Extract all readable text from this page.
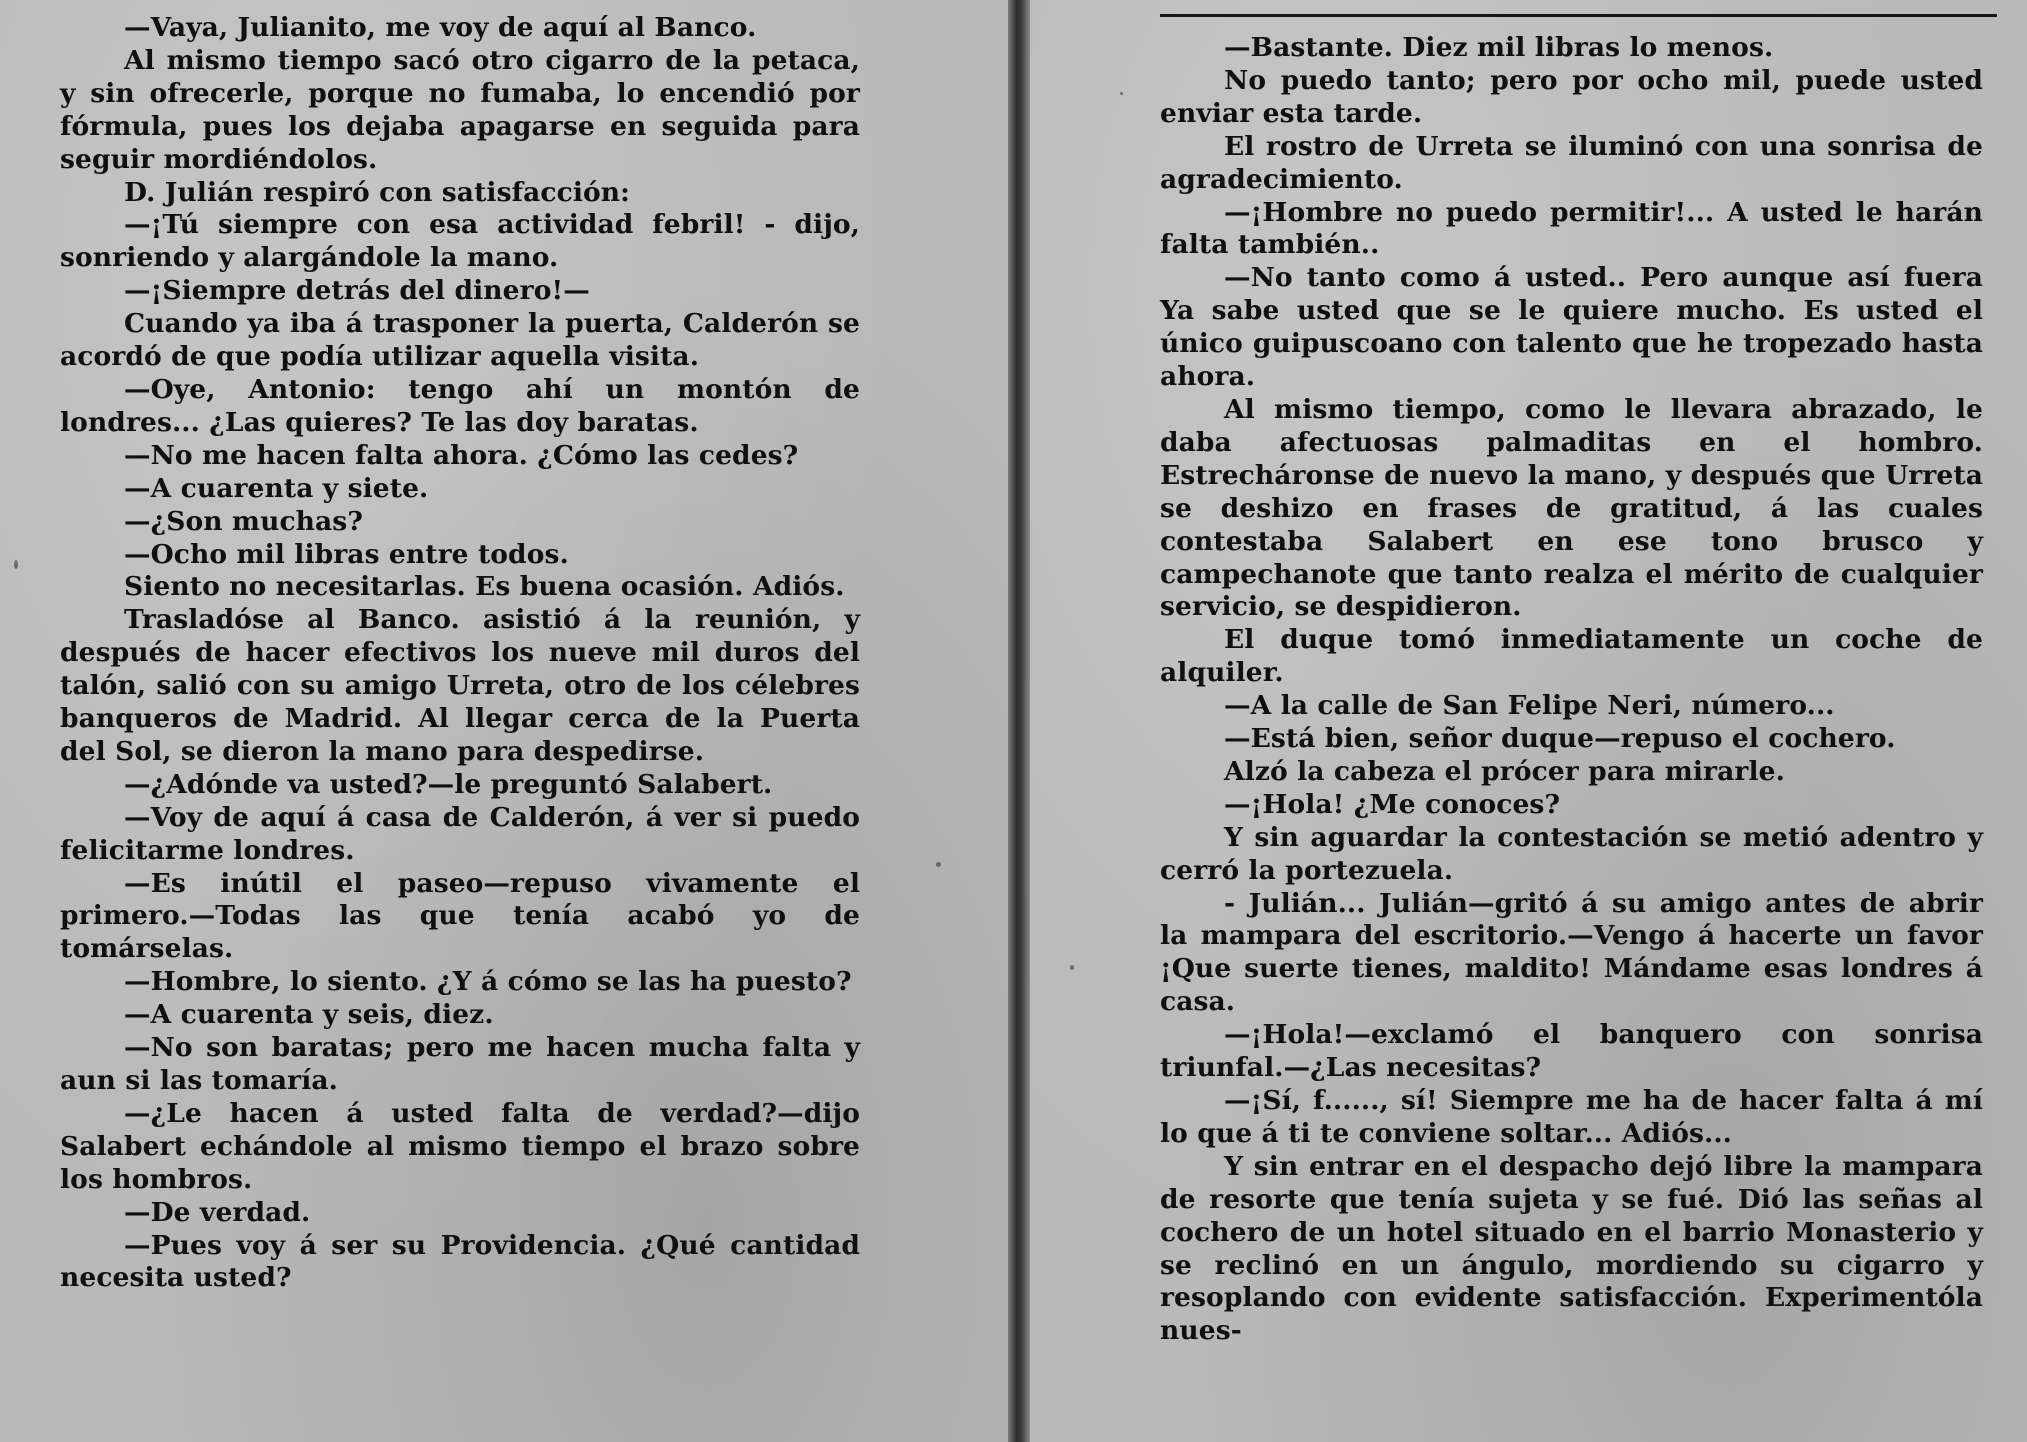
—Vaya, Julianito, me voy de aquí al Banco.

Al mismo tiempo sacó otro cigarro de la petaca, y sin ofrecerle, porque no fumaba, lo encendió por fórmula, pues los dejaba apagarse en seguida para seguir mordiéndolos.

D. Julián respiró con satisfacción:

—¡Tú siempre con esa actividad febril! - dijo, sonriendo y alargándole la mano.

—¡Siempre detrás del dinero!—

Cuando ya iba á trasponer la puerta, Calderón se acordó de que podía utilizar aquella visita.

—Oye, Antonio: tengo ahí un montón de londres... ¿Las quieres? Te las doy baratas.

—No me hacen falta ahora. ¿Cómo las cedes?

—A cuarenta y siete.

—¿Son muchas?

—Ocho mil libras entre todos.

Siento no necesitarlas. Es buena ocasión. Adiós.

Trasladóse al Banco. asistió á la reunión, y después de hacer efectivos los nueve mil duros del talón, salió con su amigo Urreta, otro de los célebres banqueros de Madrid. Al llegar cerca de la Puerta del Sol, se dieron la mano para despedirse.

—¿Adónde va usted?—le preguntó Salabert.

—Voy de aquí á casa de Calderón, á ver si puedo felicitarme londres.

—Es inútil el paseo—repuso vivamente el primero.—Todas las que tenía acabó yo de tomárselas.

—Hombre, lo siento. ¿Y á cómo se las ha puesto?

—A cuarenta y seis, diez.

—No son baratas; pero me hacen mucha falta y aun si las tomaría.

—¿Le hacen á usted falta de verdad?—dijo Salabert echándole al mismo tiempo el brazo sobre los hombros.

—De verdad.

—Pues voy á ser su Providencia. ¿Qué cantidad necesita usted?

—Bastante. Diez mil libras lo menos.

No puedo tanto; pero por ocho mil, puede usted enviar esta tarde.

El rostro de Urreta se iluminó con una sonrisa de agradecimiento.

—¡Hombre no puedo permitir!... A usted le harán falta también..

—No tanto como á usted.. Pero aunque así fuera Ya sabe usted que se le quiere mucho. Es usted el único guipuscoano con talento que he tropezado hasta ahora.

Al mismo tiempo, como le llevara abrazado, le daba afectuosas palmaditas en el hombro. Estrecháronse de nuevo la mano, y después que Urreta se deshizo en frases de gratitud, á las cuales contestaba Salabert en ese tono brusco y campechanote que tanto realza el mérito de cualquier servicio, se despidieron.

El duque tomó inmediatamente un coche de alquiler.

—A la calle de San Felipe Neri, número...

—Está bien, señor duque—repuso el cochero.

Alzó la cabeza el prócer para mirarle.

—¡Hola! ¿Me conoces?

Y sin aguardar la contestación se metió adentro y cerró la portezuela.

- Julián... Julián—gritó á su amigo antes de abrir la mampara del escritorio.—Vengo á hacerte un favor ¡Que suerte tienes, maldito! Mándame esas londres á casa.

—¡Hola!—exclamó el banquero con sonrisa triunfal.—¿Las necesitas?

—¡Sí, f......, sí! Siempre me ha de hacer falta á mí lo que á ti te conviene soltar... Adiós...

Y sin entrar en el despacho dejó libre la mampara de resorte que tenía sujeta y se fué. Dió las señas al cochero de un hotel situado en el barrio Monasterio y se reclinó en un ángulo, mordiendo su cigarro y resoplando con evidente satisfacción. Experimentóla nues-
